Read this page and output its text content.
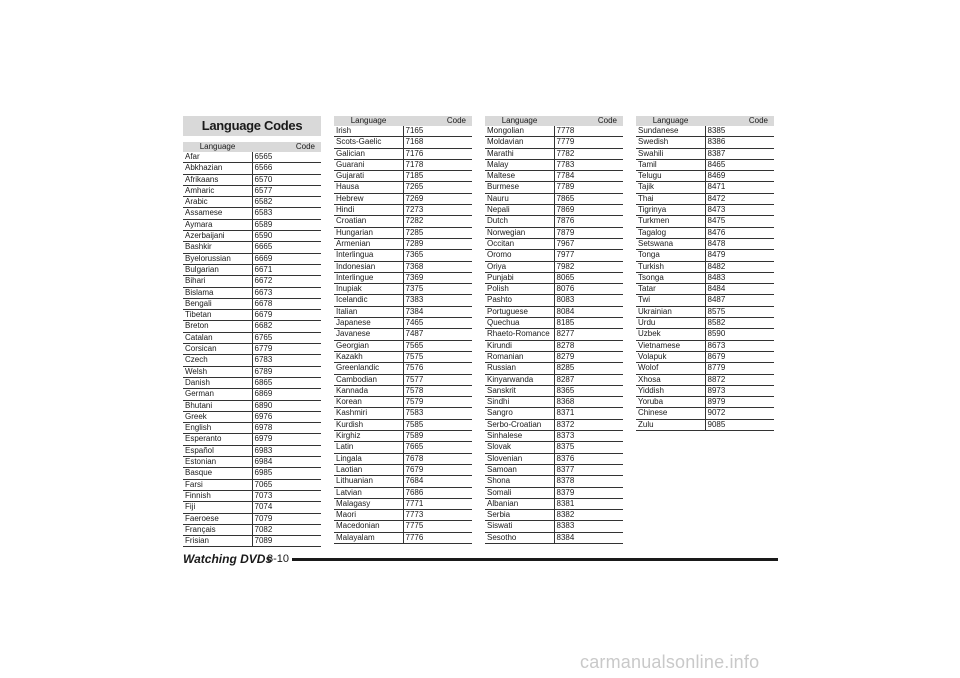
Language Codes
Language	Code
Afar	6565
Abkhazian	6566
Afrikaans	6570
Amharic	6577
Arabic	6582
Assamese	6583
Aymara	6589
Azerbaijani	6590
Bashkir	6665
Byelorussian	6669
Bulgarian	6671
Bihari	6672
Bislama	6673
Bengali	6678
Tibetan	6679
Breton	6682
Catalan	6765
Corsican	6779
Czech	6783
Welsh	6789
Danish	6865
German	6869
Bhutani	6890
Greek	6976
English	6978
Esperanto	6979
Español	6983
Estonian	6984
Basque	6985
Farsi	7065
Finnish	7073
Fiji	7074
Faeroese	7079
Français	7082
Frisian	7089
Language	Code
Irish	7165
Scots-Gaelic	7168
Galician	7176
Guarani	7178
Gujarati	7185
Hausa	7265
Hebrew	7269
Hindi	7273
Croatian	7282
Hungarian	7285
Armenian	7289
Interlingua	7365
Indonesian	7368
Interlingue	7369
Inupiak	7375
Icelandic	7383
Italian	7384
Japanese	7465
Javanese	7487
Georgian	7565
Kazakh	7575
Greenlandic	7576
Cambodian	7577
Kannada	7578
Korean	7579
Kashmiri	7583
Kurdish	7585
Kirghiz	7589
Latin	7665
Lingala	7678
Laotian	7679
Lithuanian	7684
Latvian	7686
Malagasy	7771
Maori	7773
Macedonian	7775
Malayalam	7776
Language	Code
Mongolian	7778
Moldavian	7779
Marathi	7782
Malay	7783
Maltese	7784
Burmese	7789
Nauru	7865
Nepali	7869
Dutch	7876
Norwegian	7879
Occitan	7967
Oromo	7977
Oriya	7982
Punjabi	8065
Polish	8076
Pashto	8083
Portuguese	8084
Quechua	8185
Rhaeto-Romance	8277
Kirundi	8278
Romanian	8279
Russian	8285
Kinyarwanda	8287
Sanskrit	8365
Sindhi	8368
Sangro	8371
Serbo-Croatian	8372
Sinhalese	8373
Slovak	8375
Slovenian	8376
Samoan	8377
Shona	8378
Somali	8379
Albanian	8381
Serbia	8382
Siswati	8383
Sesotho	8384
Language	Code
Sundanese	8385
Swedish	8386
Swahili	8387
Tamil	8465
Telugu	8469
Tajik	8471
Thai	8472
Tigrinya	8473
Turkmen	8475
Tagalog	8476
Setswana	8478
Tonga	8479
Turkish	8482
Tsonga	8483
Tatar	8484
Twi	8487
Ukrainian	8575
Urdu	8582
Uzbek	8590
Vietnamese	8673
Volapuk	8679
Wolof	8779
Xhosa	8872
Yiddish	8973
Yoruba	8979
Chinese	9072
Zulu	9085
Watching DVDs
8-10
carmanualsonline.info
